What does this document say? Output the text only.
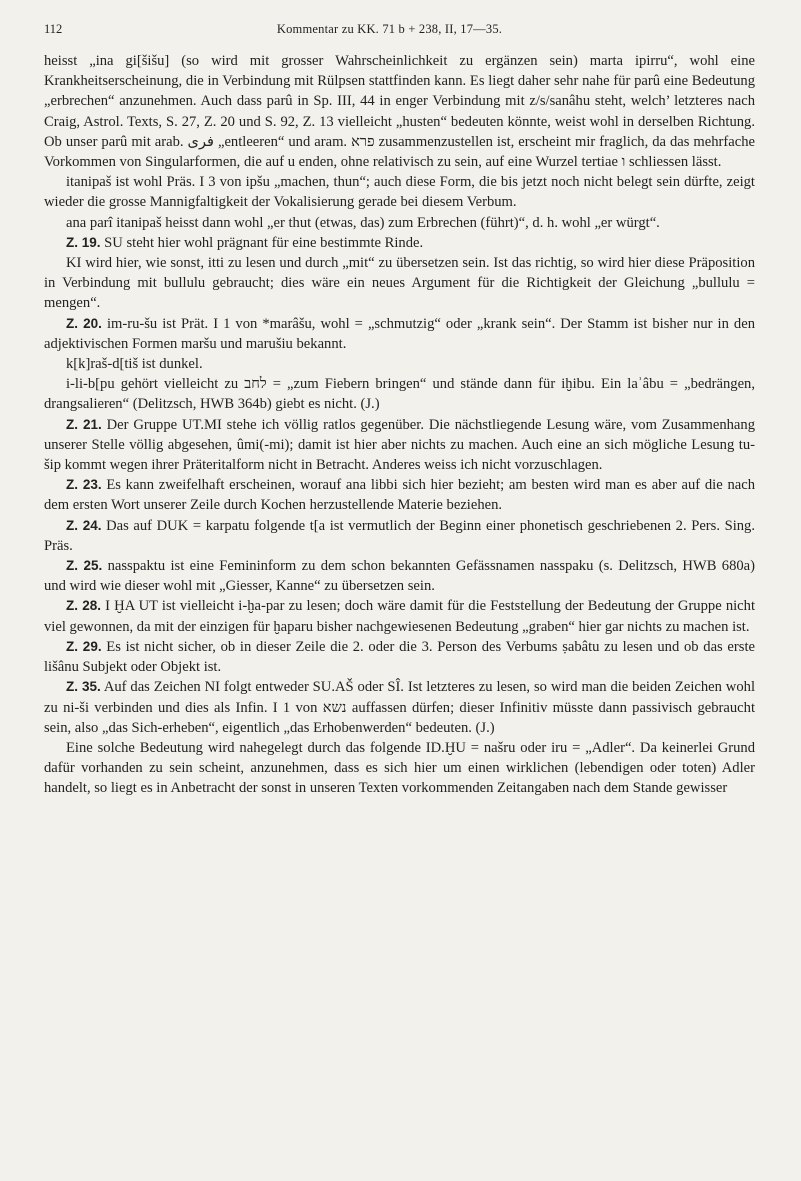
112	Kommentar zu KK. 71 b + 238, II, 17—35.

heisst „ina gi[šišu] (so wird mit grosser Wahrscheinlichkeit zu ergänzen sein) marta ipirru“, wohl eine Krankheitserscheinung, die in Verbindung mit Rülpsen stattfinden kann. Es liegt daher sehr nahe für parû eine Bedeutung „erbrechen“ anzunehmen. Auch dass parû in Sp. III, 44 in enger Verbindung mit z/s/sanâhu steht, welch’ letzteres nach Craig, Astrol. Texts, S. 27, Z. 20 und S. 92, Z. 13 vielleicht „husten“ bedeuten könnte, weist wohl in derselben Richtung. Ob unser parû mit arab. فرى „entleeren“ und aram. פרא zusammenzustellen ist, erscheint mir fraglich, da das mehrfache Vorkommen von Singularformen, die auf u enden, ohne relativisch zu sein, auf eine Wurzel tertiae ו schliessen lässt.

itanipaš ist wohl Präs. I 3 von ipšu „machen, thun“; auch diese Form, die bis jetzt noch nicht belegt sein dürfte, zeigt wieder die grosse Mannigfaltigkeit der Vokalisierung gerade bei diesem Verbum.

ana parî itanipaš heisst dann wohl „er thut (etwas, das) zum Erbrechen (führt)“, d. h. wohl „er würgt“.

Z. 19. SU steht hier wohl prägnant für eine bestimmte Rinde.

KI wird hier, wie sonst, itti zu lesen und durch „mit“ zu übersetzen sein. Ist das richtig, so wird hier diese Präposition in Verbindung mit bullulu gebraucht; dies wäre ein neues Argument für die Richtigkeit der Gleichung „bullulu = mengen“.

Z. 20. im-ru-šu ist Prät. I 1 von *marâšu, wohl = „schmutzig“ oder „krank sein“. Der Stamm ist bisher nur in den adjektivischen Formen maršu und marušiu bekannt.

k[k]raš-d[tiš ist dunkel.

i-li-b[pu gehört vielleicht zu לחב = „zum Fiebern bringen“ und stände dann für iḫibu. Ein laʾâbu = „bedrängen, drangsalieren“ (Delitzsch, HWB 364b) giebt es nicht. (J.)

Z. 21. Der Gruppe UT.MI stehe ich völlig ratlos gegenüber. Die nächstliegende Lesung wäre, vom Zusammenhang unserer Stelle völlig abgesehen, ûmi(-mi); damit ist hier aber nichts zu machen. Auch eine an sich mögliche Lesung tu-šip kommt wegen ihrer Präteritalform nicht in Betracht. Anderes weiss ich nicht vorzuschlagen.

Z. 23. Es kann zweifelhaft erscheinen, worauf ana libbi sich hier bezieht; am besten wird man es aber auf die nach dem ersten Wort unserer Zeile durch Kochen herzustellende Materie beziehen.

Z. 24. Das auf DUK = karpatu folgende t[a ist vermutlich der Beginn einer phonetisch geschriebenen 2. Pers. Sing. Präs.

Z. 25. nasspaktu ist eine Femininform zu dem schon bekannten Gefässnamen nasspaku (s. Delitzsch, HWB 680a) und wird wie dieser wohl mit „Giesser, Kanne“ zu übersetzen sein.

Z. 28. I ḪA UT ist vielleicht i-ḫa-par zu lesen; doch wäre damit für die Feststellung der Bedeutung der Gruppe nicht viel gewonnen, da mit der einzigen für ḫaparu bisher nachgewiesenen Bedeutung „graben“ hier gar nichts zu machen ist.

Z. 29. Es ist nicht sicher, ob in dieser Zeile die 2. oder die 3. Person des Verbums ṣabâtu zu lesen und ob das erste lišânu Subjekt oder Objekt ist.

Z. 35. Auf das Zeichen NI folgt entweder SU.AŠ oder SÎ. Ist letzteres zu lesen, so wird man die beiden Zeichen wohl zu ni-ši verbinden und dies als Infin. I 1 von נשא auffassen dürfen; dieser Infinitiv müsste dann passivisch gebraucht sein, also „das Sich-erheben“, eigentlich „das Erhobenwerden“ bedeuten. (J.)

Eine solche Bedeutung wird nahegelegt durch das folgende ID.ḪU = našru oder iru = „Adler“. Da keinerlei Grund dafür vorhanden zu sein scheint, anzunehmen, dass es sich hier um einen wirklichen (lebendigen oder toten) Adler handelt, so liegt es in Anbetracht der sonst in unseren Texten vorkommenden Zeitangaben nach dem Stande gewisser
